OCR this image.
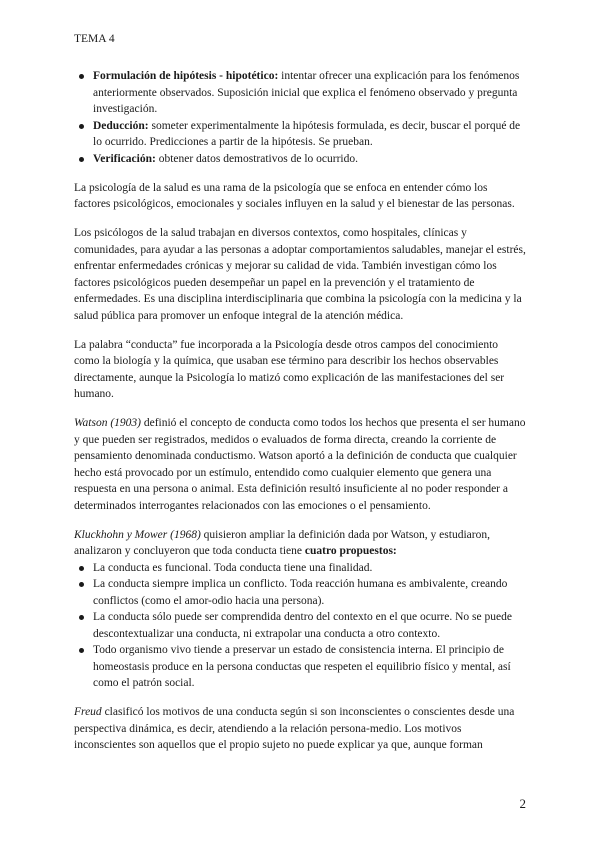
TEMA 4
Formulación de hipótesis - hipotético: intentar ofrecer una explicación para los fenómenos anteriormente observados. Suposición inicial que explica el fenómeno observado y pregunta investigación.
Deducción: someter experimentalmente la hipótesis formulada, es decir, buscar el porqué de lo ocurrido. Predicciones a partir de la hipótesis. Se prueban.
Verificación: obtener datos demostrativos de lo ocurrido.

La psicología de la salud es una rama de la psicología que se enfoca en entender cómo los factores psicológicos, emocionales y sociales influyen en la salud y el bienestar de las personas.

Los psicólogos de la salud trabajan en diversos contextos, como hospitales, clínicas y comunidades, para ayudar a las personas a adoptar comportamientos saludables, manejar el estrés, enfrentar enfermedades crónicas y mejorar su calidad de vida. También investigan cómo los factores psicológicos pueden desempeñar un papel en la prevención y el tratamiento de enfermedades. Es una disciplina interdisciplinaria que combina la psicología con la medicina y la salud pública para promover un enfoque integral de la atención médica.

La palabra “conducta” fue incorporada a la Psicología desde otros campos del conocimiento como la biología y la química, que usaban ese término para describir los hechos observables directamente, aunque la Psicología lo matizó como explicación de las manifestaciones del ser humano.

Watson (1903) definió el concepto de conducta como todos los hechos que presenta el ser humano y que pueden ser registrados, medidos o evaluados de forma directa, creando la corriente de pensamiento denominada conductismo. Watson aportó a la definición de conducta que cualquier hecho está provocado por un estímulo, entendido como cualquier elemento que genera una respuesta en una persona o animal. Esta definición resultó insuficiente al no poder responder a determinados interrogantes relacionados con las emociones o el pensamiento.

Kluckhohn y Mower (1968) quisieron ampliar la definición dada por Watson, y estudiaron, analizaron y concluyeron que toda conducta tiene cuatro propuestos:

La conducta es funcional. Toda conducta tiene una finalidad.
La conducta siempre implica un conflicto. Toda reacción humana es ambivalente, creando conflictos (como el amor-odio hacia una persona).
La conducta sólo puede ser comprendida dentro del contexto en el que ocurre. No se puede descontextualizar una conducta, ni extrapolar una conducta a otro contexto.
Todo organismo vivo tiende a preservar un estado de consistencia interna. El principio de homeostasis produce en la persona conductas que respeten el equilibrio físico y mental, así como el patrón social.

Freud clasificó los motivos de una conducta según si son inconscientes o conscientes desde una perspectiva dinámica, es decir, atendiendo a la relación persona-medio. Los motivos inconscientes son aquellos que el propio sujeto no puede explicar ya que, aunque forman

2
